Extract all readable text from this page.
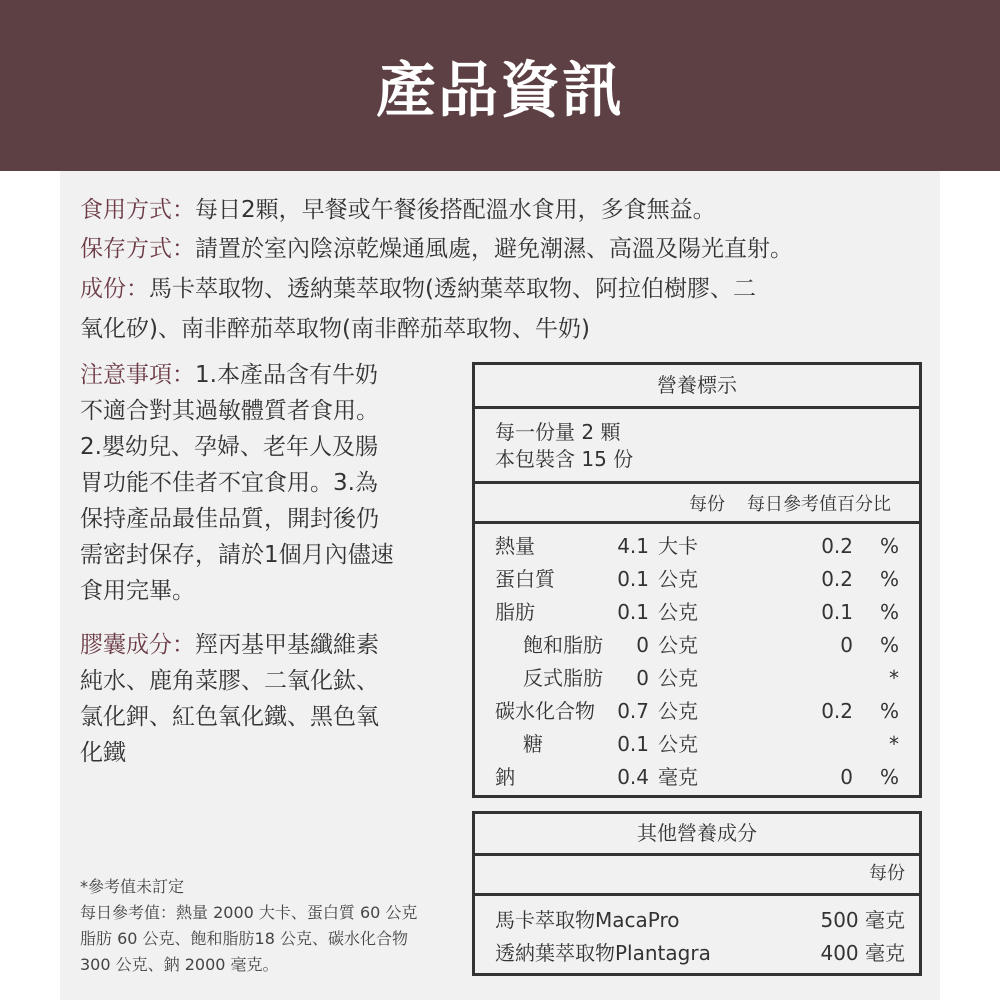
產品資訊
食用方式：每日2顆，早餐或午餐後搭配溫水食用，多食無益。
保存方式：請置於室內陰涼乾燥通風處，避免潮濕、高溫及陽光直射。
成份：馬卡萃取物、透納葉萃取物(透納葉萃取物、阿拉伯樹膠、二
氧化矽)、南非醉茄萃取物(南非醉茄萃取物、牛奶)
注意事項：1.本產品含有牛奶
不適合對其過敏體質者食用。
2.嬰幼兒、孕婦、老年人及腸
胃功能不佳者不宜食用。3.為
保持產品最佳品質，開封後仍
需密封保存，請於1個月內儘速
食用完畢。
膠囊成分：羥丙基甲基纖維素
純水、鹿角菜膠、二氧化鈦、
氯化鉀、紅色氧化鐵、黑色氧
化鐵
*參考值未訂定
每日參考值：熱量 2000 大卡、蛋白質 60 公克
脂肪 60 公克、飽和脂肪18 公克、碳水化合物
300 公克、鈉 2000 毫克。
營養標示
每一份量 2 顆
本包裝含 15 份
每份 每日參考值百分比
熱量	4.1 大卡	0.2 %
蛋白質	0.1 公克	0.2 %
脂肪	0.1 公克	0.1 %
飽和脂肪 0 公克	0 %
反式脂肪 0 公克	*
碳水化合物 0.7 公克	0.2 %
糖	0.1 公克	*
鈉	0.4 毫克	0 %
其他營養成分
每份
馬卡萃取物MacaPro	500 毫克
透納葉萃取物Plantagra	400 毫克
